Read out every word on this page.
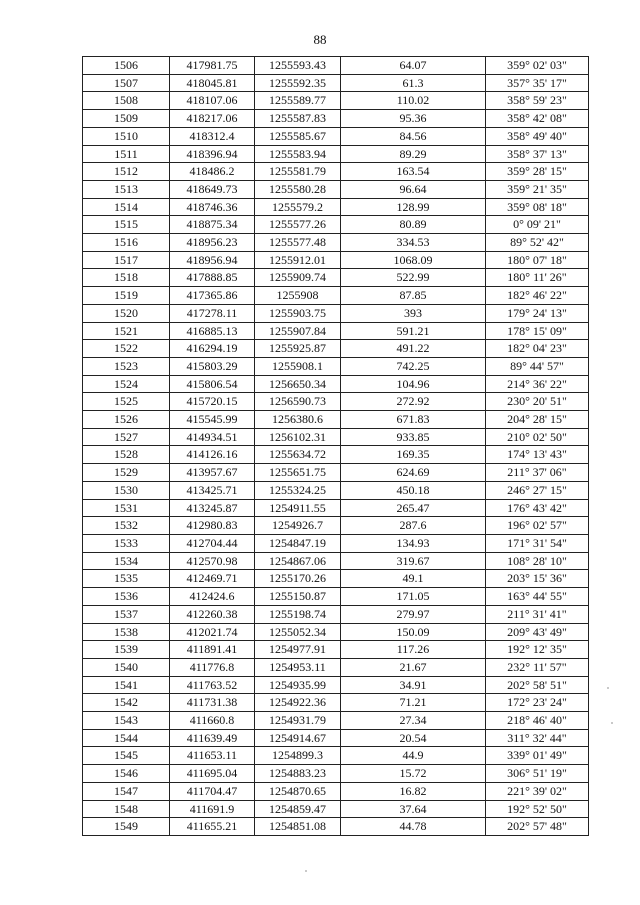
88
1506	417981.75	1255593.43	64.07	359° 02' 03"
1507	418045.81	1255592.35	61.3	357° 35' 17"
1508	418107.06	1255589.77	110.02	358° 59' 23"
1509	418217.06	1255587.83	95.36	358° 42' 08"
1510	418312.4	1255585.67	84.56	358° 49' 40"
1511	418396.94	1255583.94	89.29	358° 37' 13"
1512	418486.2	1255581.79	163.54	359° 28' 15"
1513	418649.73	1255580.28	96.64	359° 21' 35"
1514	418746.36	1255579.2	128.99	359° 08' 18"
1515	418875.34	1255577.26	80.89	0° 09' 21"
1516	418956.23	1255577.48	334.53	89° 52' 42"
1517	418956.94	1255912.01	1068.09	180° 07' 18"
1518	417888.85	1255909.74	522.99	180° 11' 26"
1519	417365.86	1255908	87.85	182° 46' 22"
1520	417278.11	1255903.75	393	179° 24' 13"
1521	416885.13	1255907.84	591.21	178° 15' 09"
1522	416294.19	1255925.87	491.22	182° 04' 23"
1523	415803.29	1255908.1	742.25	89° 44' 57"
1524	415806.54	1256650.34	104.96	214° 36' 22"
1525	415720.15	1256590.73	272.92	230° 20' 51"
1526	415545.99	1256380.6	671.83	204° 28' 15"
1527	414934.51	1256102.31	933.85	210° 02' 50"
1528	414126.16	1255634.72	169.35	174° 13' 43"
1529	413957.67	1255651.75	624.69	211° 37' 06"
1530	413425.71	1255324.25	450.18	246° 27' 15"
1531	413245.87	1254911.55	265.47	176° 43' 42"
1532	412980.83	1254926.7	287.6	196° 02' 57"
1533	412704.44	1254847.19	134.93	171° 31' 54"
1534	412570.98	1254867.06	319.67	108° 28' 10"
1535	412469.71	1255170.26	49.1	203° 15' 36"
1536	412424.6	1255150.87	171.05	163° 44' 55"
1537	412260.38	1255198.74	279.97	211° 31' 41"
1538	412021.74	1255052.34	150.09	209° 43' 49"
1539	411891.41	1254977.91	117.26	192° 12' 35"
1540	411776.8	1254953.11	21.67	232° 11' 57"
1541	411763.52	1254935.99	34.91	202° 58' 51"
1542	411731.38	1254922.36	71.21	172° 23' 24"
1543	411660.8	1254931.79	27.34	218° 46' 40"
1544	411639.49	1254914.67	20.54	311° 32' 44"
1545	411653.11	1254899.3	44.9	339° 01' 49"
1546	411695.04	1254883.23	15.72	306° 51' 19"
1547	411704.47	1254870.65	16.82	221° 39' 02"
1548	411691.9	1254859.47	37.64	192° 52' 50"
1549	411655.21	1254851.08	44.78	202° 57' 48"
